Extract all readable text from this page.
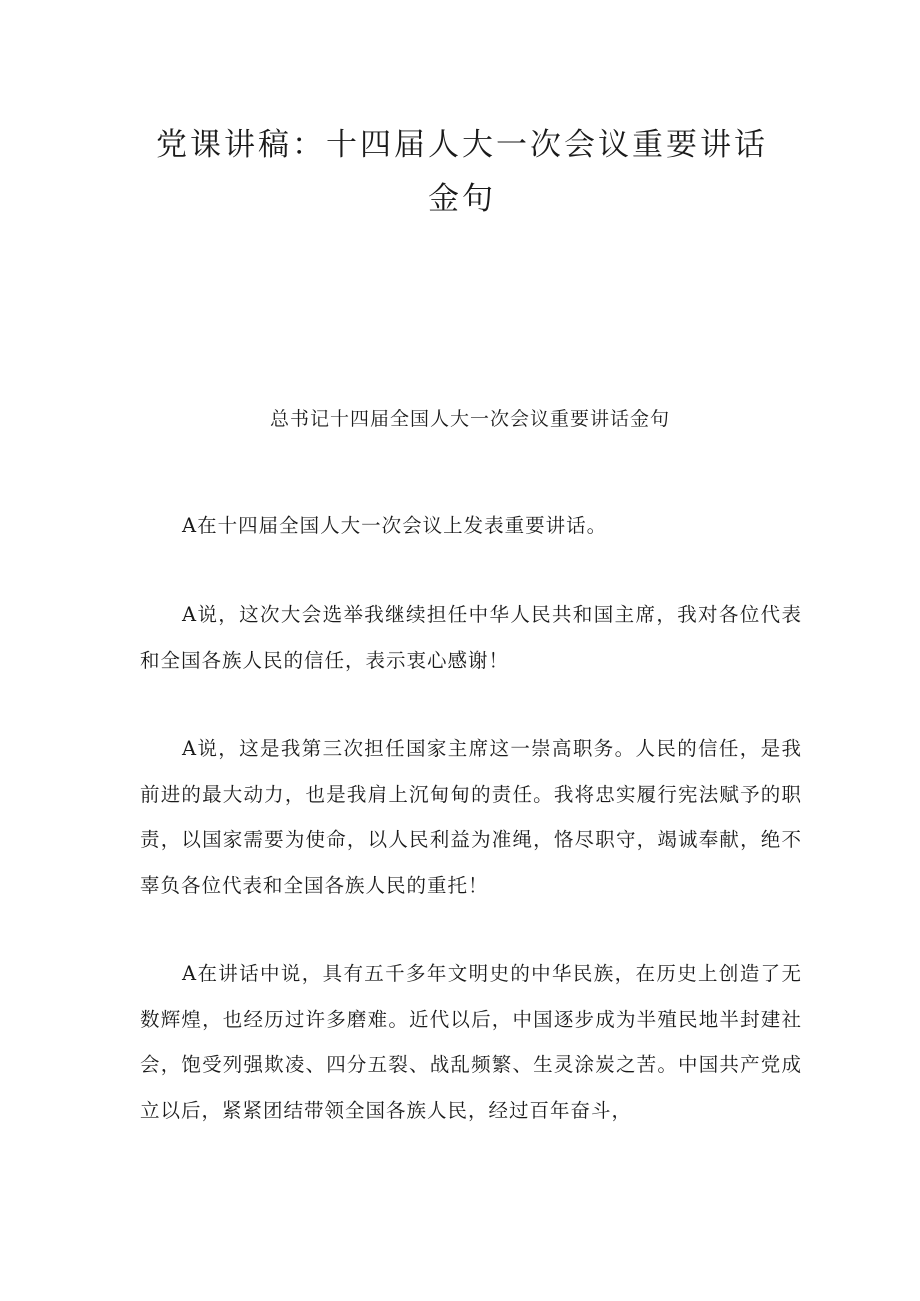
党课讲稿：十四届人大一次会议重要讲话金句

总书记十四届全国人大一次会议重要讲话金句

A在十四届全国人大一次会议上发表重要讲话。

A说，这次大会选举我继续担任中华人民共和国主席，我对各位代表和全国各族人民的信任，表示衷心感谢！

A说，这是我第三次担任国家主席这一崇高职务。人民的信任，是我前进的最大动力，也是我肩上沉甸甸的责任。我将忠实履行宪法赋予的职责，以国家需要为使命，以人民利益为准绳，恪尽职守，竭诚奉献，绝不辜负各位代表和全国各族人民的重托！

A在讲话中说，具有五千多年文明史的中华民族，在历史上创造了无数辉煌，也经历过许多磨难。近代以后，中国逐步成为半殖民地半封建社会，饱受列强欺凌、四分五裂、战乱频繁、生灵涂炭之苦。中国共产党成立以后，紧紧团结带领全国各族人民，经过百年奋斗，
